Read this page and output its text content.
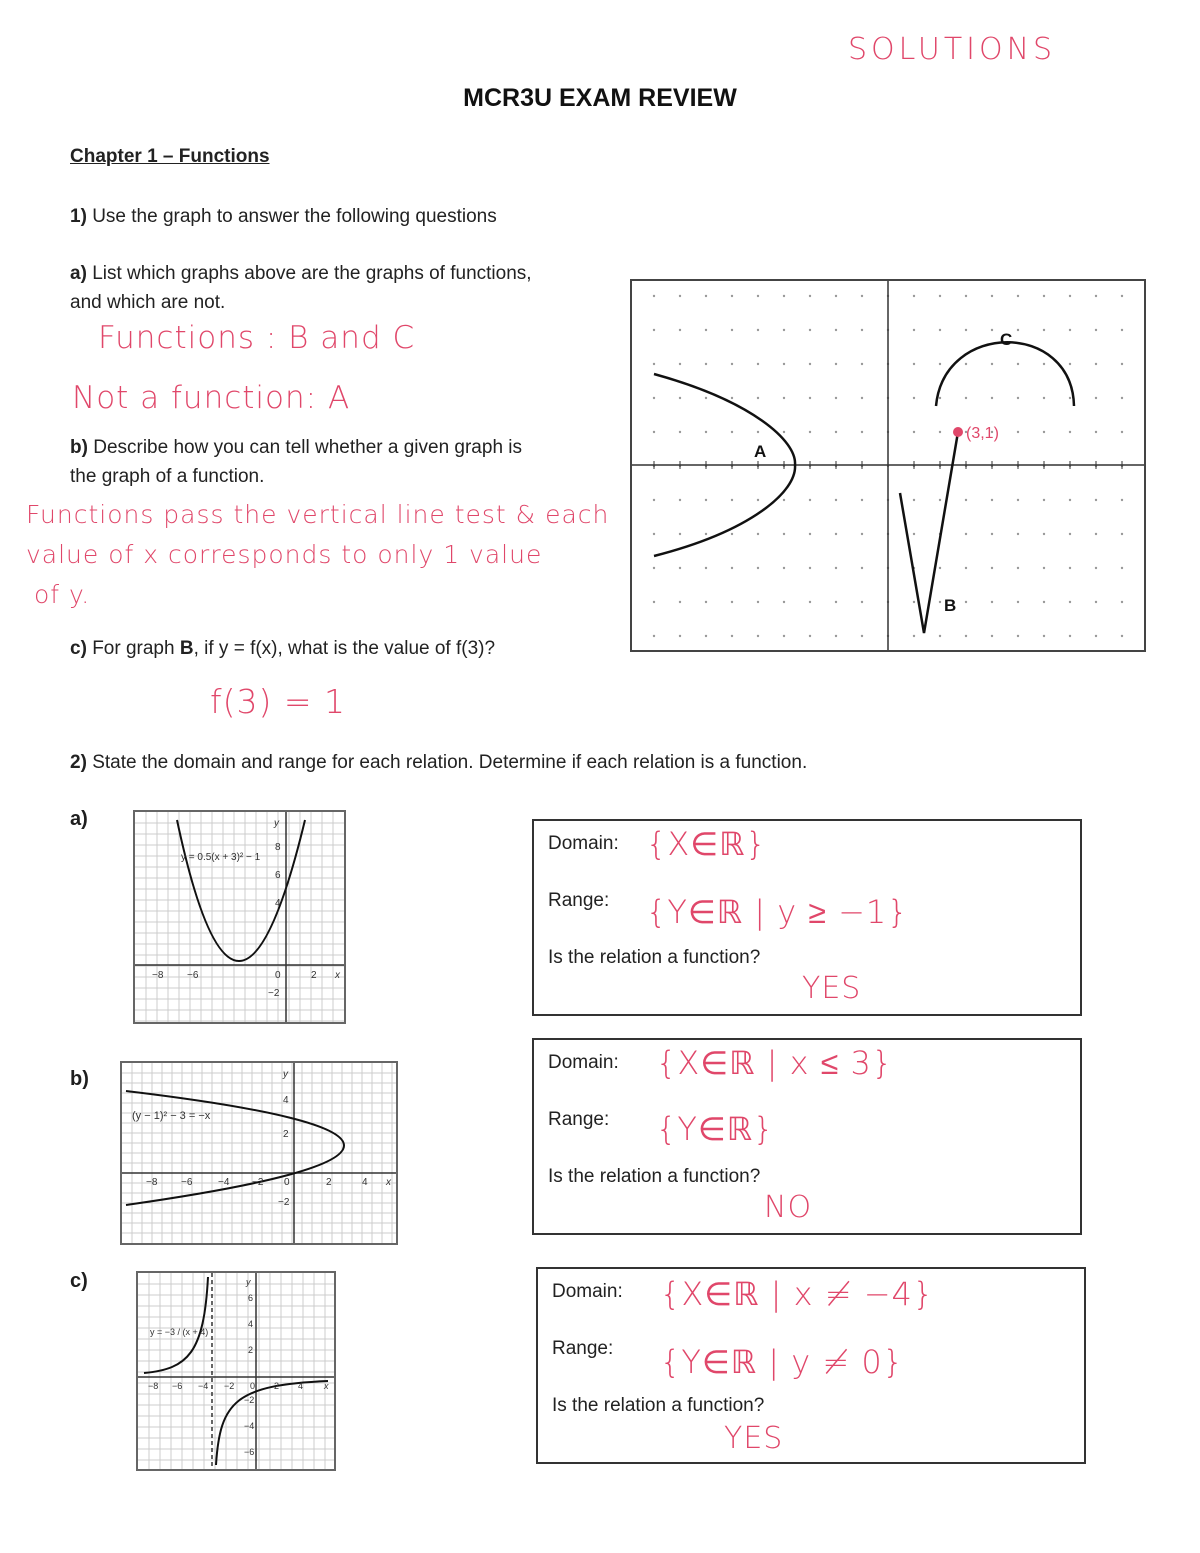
SOLUTIONS
MCR3U EXAM REVIEW
Chapter 1 – Functions
1) Use the graph to answer the following questions
a) List which graphs above are the graphs of functions,
and which are not.
Functions : B and C
Not a function: A
b) Describe how you can tell whether a given graph is
the graph of a function.
Functions pass the vertical line test & each
value of x corresponds to only 1 value
of y.
c) For graph B, if y = f(x), what is the value of f(3)?
f(3) = 1
(3,1)
A
B
C
2) State the domain and range for each relation. Determine if each relation is a function.
a)
y = 0.5(x + 3)² − 1
−8 −6	0	2 x
y
8
6
4
−2
Domain: {X∈ℝ}
Range: {Y∈ℝ | y ≥ −1}
Is the relation a function?
YES
b)
(y − 1)² − 3 = −x
−8 −6	−4 −2 0	2	4 x
y
4
2
−2
Domain: {X∈ℝ | x ≤ 3}
Range: {Y∈ℝ}
Is the relation a function?
NO
c)
y = −3 / (x + 4)
−8 −6 −4 −2 0 2 4 x
y
6
4
2
−2
−4
−6
Domain: {X∈ℝ | x ≠ −4}
Range: {Y∈ℝ | y ≠ 0}
Is the relation a function?
YES
